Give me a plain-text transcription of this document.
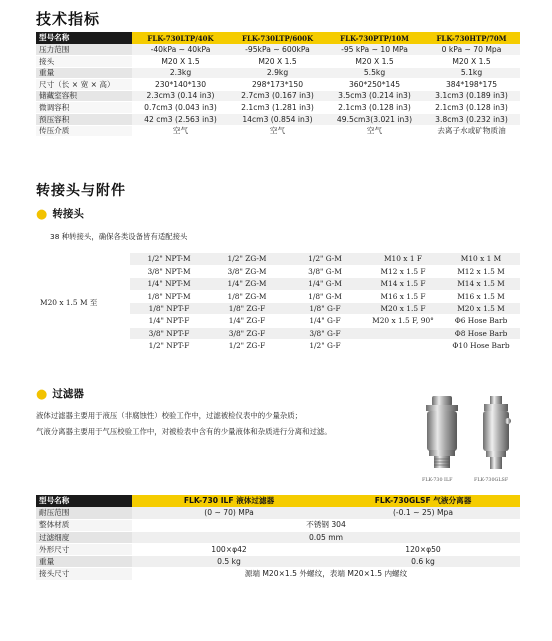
技术指标
型号名称	FLK-730LTP/40K	FLK-730LTP/600K	FLK-730PTP/10M	FLK-730HTP/70M
压力范围	-40kPa ~ 40kPa	-95kPa ~ 600kPa	-95 kPa ~ 10 MPa	0 kPa ~ 70 Mpa
接头	M20 X 1.5	M20 X 1.5	M20 X 1.5	M20 X 1.5
重量	2.3kg	2.9kg	5.5kg	5.1kg
尺寸（长 × 宽 × 高）	230*140*130	298*173*150	360*250*145	384*198*175
储藏室容积	2.3cm3 (0.14 in3)	2.7cm3 (0.167 in3)	3.5cm3 (0.214 in3)	3.1cm3 (0.189 in3)
微调容积	0.7cm3 (0.043 in3)	2.1cm3 (1.281 in3)	2.1cm3 (0.128 in3)	2.1cm3 (0.128 in3)
预压容积	42 cm3 (2.563 in3)	14cm3 (0.854 in3)	49.5cm3(3.021 in3)	3.8cm3 (0.232 in3)
传压介质	空气	空气	空气	去离子水或矿物质油
转接头与附件
● 转接头
38 种转接头，确保各类设备皆有适配接头
M20 x 1.5 M 至	1/2" NPT-M	1/2" ZG-M	1/2" G-M	M10 x 1 F	M10 x 1 M
	3/8" NPT-M	3/8" ZG-M	3/8" G-M	M12 x 1.5 F	M12 x 1.5 M
	1/4" NPT-M	1/4" ZG-M	1/4" G-M	M14 x 1.5 F	M14 x 1.5 M
	1/8" NPT-M	1/8" ZG-M	1/8" G-M	M16 x 1.5 F	M16 x 1.5 M
	1/8" NPT-F	1/8" ZG-F	1/8" G-F	M20 x 1.5 F	M20 x 1.5 M
	1/4" NPT-F	1/4" ZG-F	1/4" G-F	M20 x 1.5 F, 90°	Φ6 Hose Barb
	3/8" NPT-F	3/8" ZG-F	3/8" G-F		Φ8 Hose Barb
	1/2" NPT-F	1/2" ZG-F	1/2" G-F		Φ10 Hose Barb
● 过滤器
液体过滤器主要用于液压（非腐蚀性）校验工作中，过滤被检仪表中的少量杂质；
气液分离器主要用于气压校验工作中，对被检表中含有的少量液体和杂质进行分离和过滤。
FLK-730 ILF	FLK-730GLSF
型号名称	FLK-730 ILF 液体过滤器	FLK-730GLSF 气液分离器
耐压范围	(0 ~ 70) MPa	(-0.1 ~ 25) Mpa
整体材质	不锈钢 304	
过滤细度	0.05 mm	
外形尺寸	100×φ42	120×φ50
重量	0.5 kg	0.6 kg
接头尺寸	源端 M20×1.5 外螺纹，表端 M20×1.5 内螺纹	
